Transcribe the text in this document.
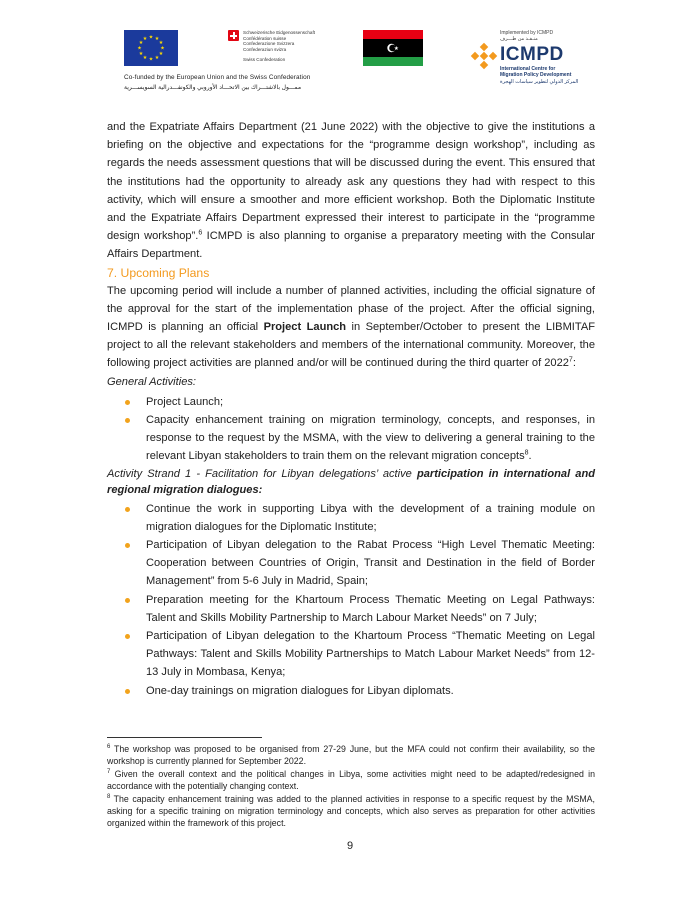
★ ★
★
★
★
★
★
★
★
★
★
★
Schweizerische Eidgenossenschaft
Confédération suisse
Confederazione Svizzera
Confederaziun svizra
Swiss Confederation
Co-funded by the European Union and the Swiss Confederation
ممـــول بالاشتـــراك بين الاتحـــاد الأوروبي والكونفـــدرالية السويســـرية
★
Implemented by ICMPD
منـفـذ من طـــرف
ICMPD
International Centre for
Migration Policy Development
المركز الدولي لتطوير سياسات الهجرة

and the Expatriate Affairs Department (21 June 2022) with the objective to give the institutions a briefing on the objective and expectations for the “programme design workshop”, including as regards the needs assessment questions that will be discussed during the event. This ensured that the institutions had the opportunity to already ask any questions they had with respect to this activity, which will ensure a smoother and more efficient workshop. Both the Diplomatic Institute and the Expatriate Affairs Department expressed their interest to participate in the “programme design workshop”.$^6$ ICMPD is also planning to organise a preparatory meeting with the Consular Affairs Department.

7. Upcoming Plans

The upcoming period will include a number of planned activities, including the official signature of the approval for the start of the implementation phase of the project. After the official signing, ICMPD is planning an official Project Launch in September/October to present the LIBMITAF project to all the relevant stakeholders and members of the international community. Moreover, the following project activities are planned and/or will be continued during the third quarter of 2022$^7$:

General Activities:

Project Launch;
Capacity enhancement training on migration terminology, concepts, and responses, in response to the request by the MSMA, with the view to delivering a general training to the relevant Libyan stakeholders to train them on the relevant migration concepts$^8$.

Activity Strand 1 - Facilitation for Libyan delegations’ active participation in international and regional migration dialogues:

Continue the work in supporting Libya with the development of a training module on migration dialogues for the Diplomatic Institute;
Participation of Libyan delegation to the Rabat Process “High Level Thematic Meeting: Cooperation between Countries of Origin, Transit and Destination in the field of Border Management” from 5-6 July in Madrid, Spain;
Preparation meeting for the Khartoum Process Thematic Meeting on Legal Pathways: Talent and Skills Mobility Partnership to March Labour Market Needs” on 7 July;
Participation of Libyan delegation to the Khartoum Process “Thematic Meeting on Legal Pathways: Talent and Skills Mobility Partnerships to Match Labour Market Needs” from 12-13 July in Mombasa, Kenya;
One-day trainings on migration dialogues for Libyan diplomats.

$^6$ The workshop was proposed to be organised from 27-29 June, but the MFA could not confirm their availability, so the workshop is currently planned for September 2022.

$^7$ Given the overall context and the political changes in Libya, some activities might need to be adapted/redesigned in accordance with the potentially changing context.

$^8$ The capacity enhancement training was added to the planned activities in response to a specific request by the MSMA, asking for a specific training on migration terminology and concepts, which also serves as preparation for other activities organized within the framework of this project.

9
